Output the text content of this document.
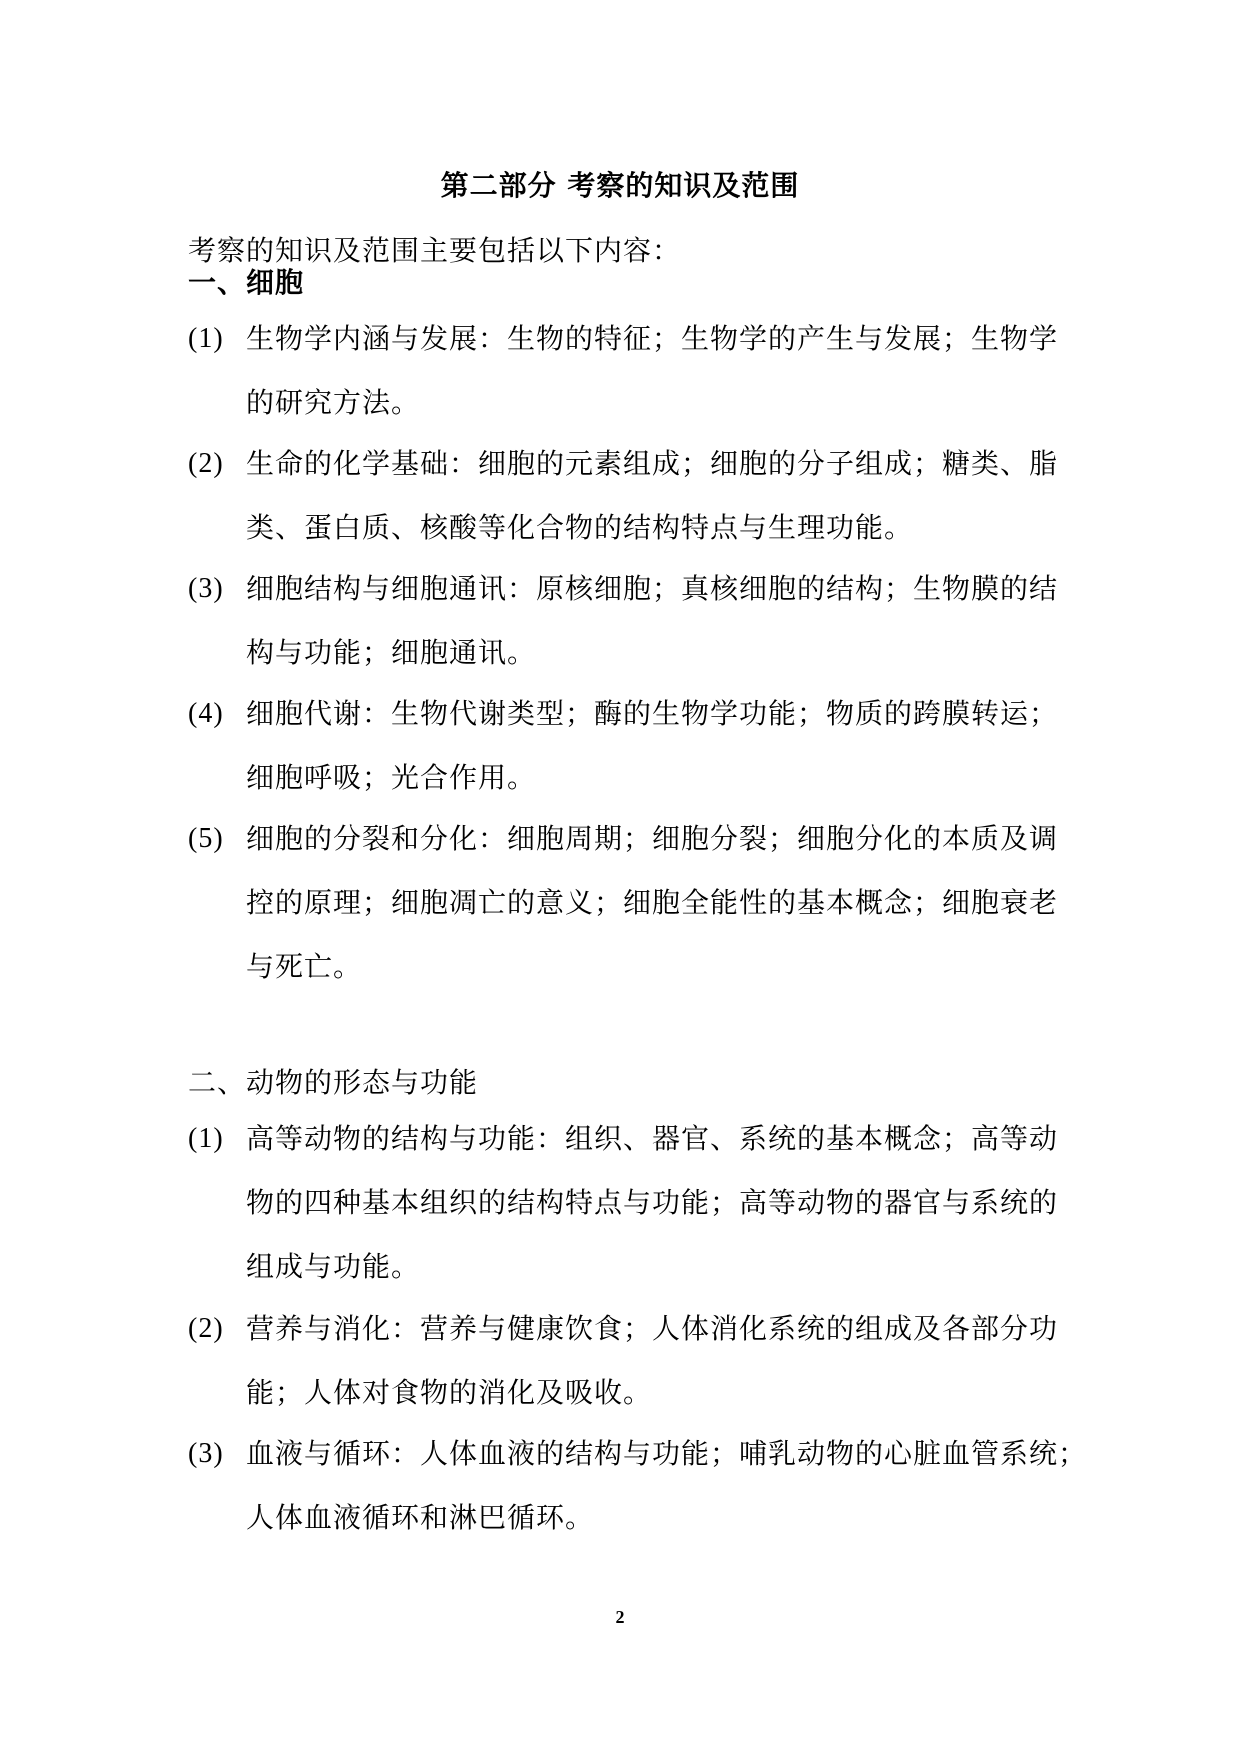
第二部分 考察的知识及范围
考察的知识及范围主要包括以下内容：
一、细胞
(1) 生物学内涵与发展：生物的特征；生物学的产生与发展；生物学
的研究方法。
(2) 生命的化学基础：细胞的元素组成；细胞的分子组成；糖类、脂
类、蛋白质、核酸等化合物的结构特点与生理功能。
(3) 细胞结构与细胞通讯：原核细胞；真核细胞的结构；生物膜的结
构与功能；细胞通讯。
(4) 细胞代谢：生物代谢类型；酶的生物学功能；物质的跨膜转运；
细胞呼吸；光合作用。
(5) 细胞的分裂和分化：细胞周期；细胞分裂；细胞分化的本质及调
控的原理；细胞凋亡的意义；细胞全能性的基本概念；细胞衰老
与死亡。
二、动物的形态与功能
(1) 高等动物的结构与功能：组织、器官、系统的基本概念；高等动
物的四种基本组织的结构特点与功能；高等动物的器官与系统的
组成与功能。
(2) 营养与消化：营养与健康饮食；人体消化系统的组成及各部分功
能；人体对食物的消化及吸收。
(3) 血液与循环：人体血液的结构与功能；哺乳动物的心脏血管系统；
人体血液循环和淋巴循环。
2
